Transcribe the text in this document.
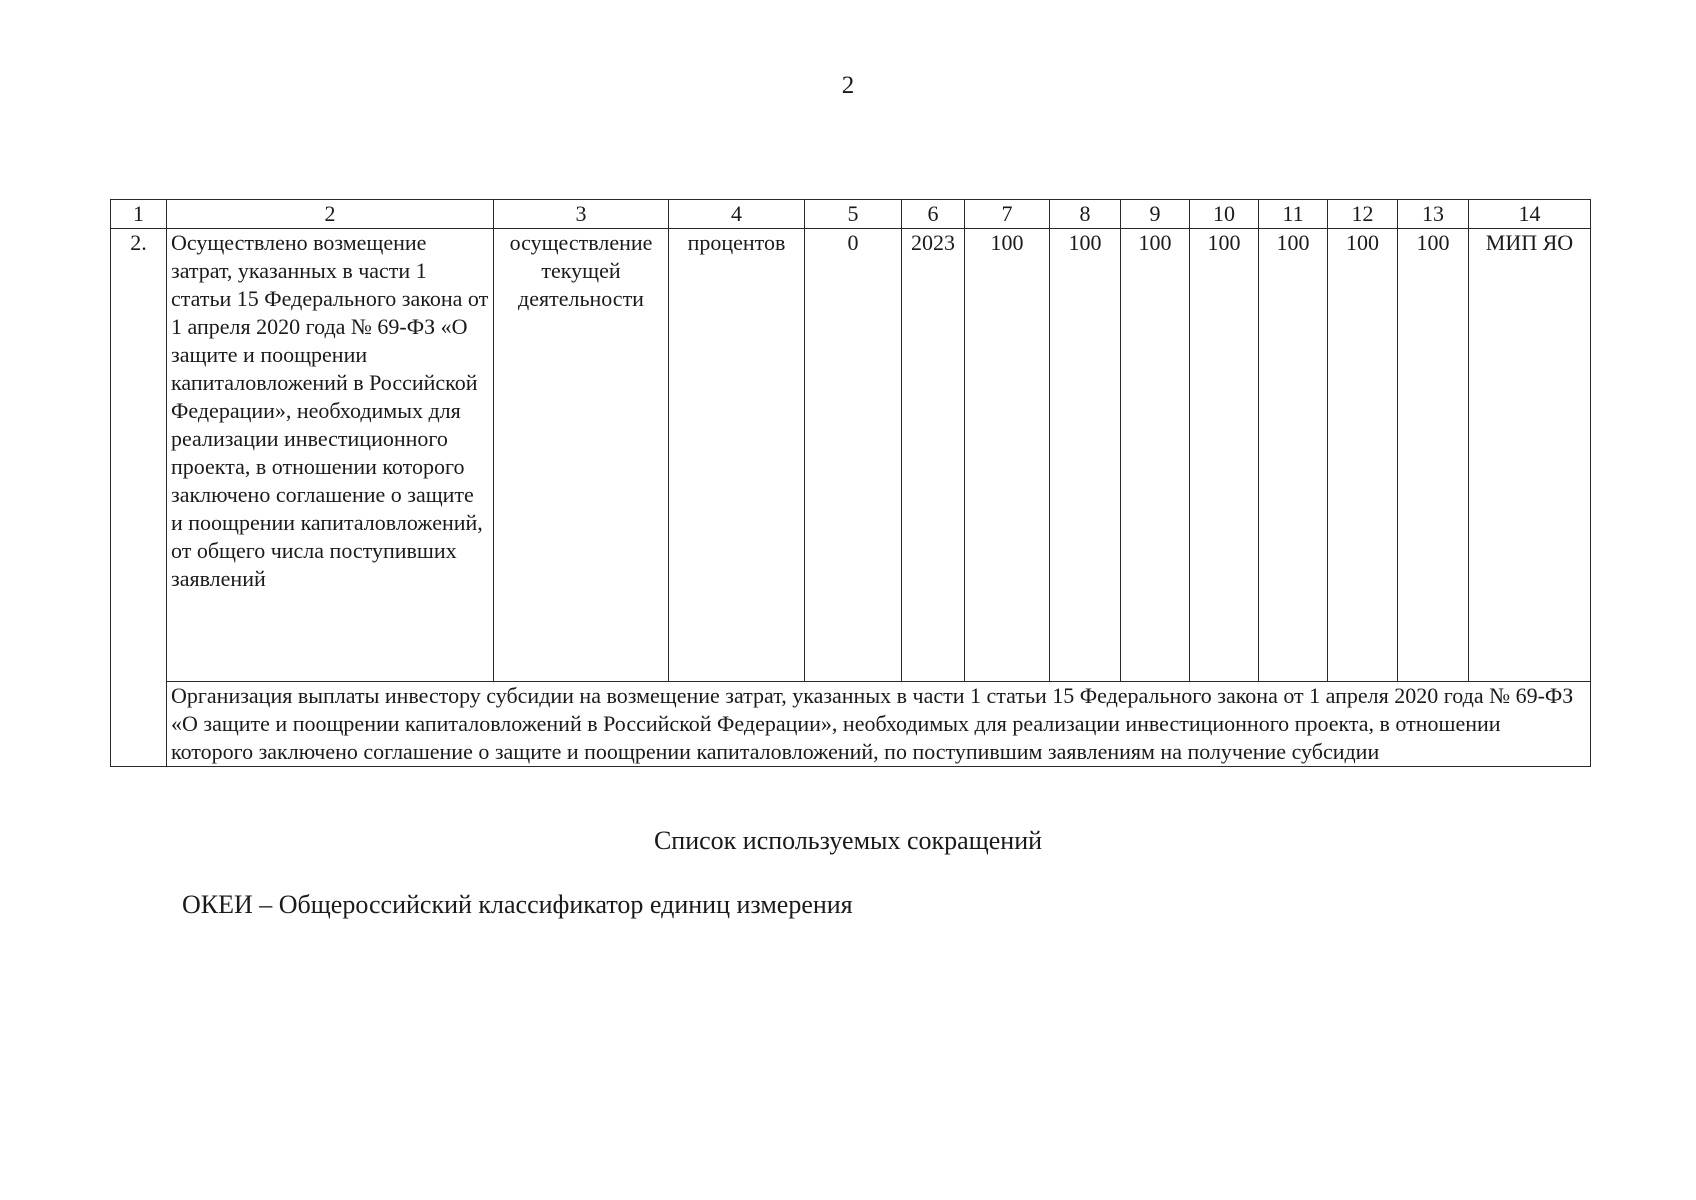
2
1	2	3	4	5	6	7	8	9	10	11	12	13	14
2.	Осуществлено возмещение затрат, указанных в части 1 статьи 15 Федерального закона от 1 апреля 2020 года № 69-ФЗ «О защите и поощрении капиталовложений в Российской Федерации», необходимых для реализации инвестиционного проекта, в отношении которого заключено соглашение о защите и поощрении капиталовложений, от общего числа поступивших заявлений	осуществление текущей деятельности	процентов	0	2023	100	100	100	100	100	100	100	МИП ЯО
	Организация выплаты инвестору субсидии на возмещение затрат, указанных в части 1 статьи 15 Федерального закона от 1 апреля 2020 года № 69-ФЗ «О защите и поощрении капиталовложений в Российской Федерации», необходимых для реализации инвестиционного проекта, в отношении которого заключено соглашение о защите и поощрении капиталовложений, по поступившим заявлениям на получение субсидии												
Список используемых сокращений
ОКЕИ – Общероссийский классификатор единиц измерения
